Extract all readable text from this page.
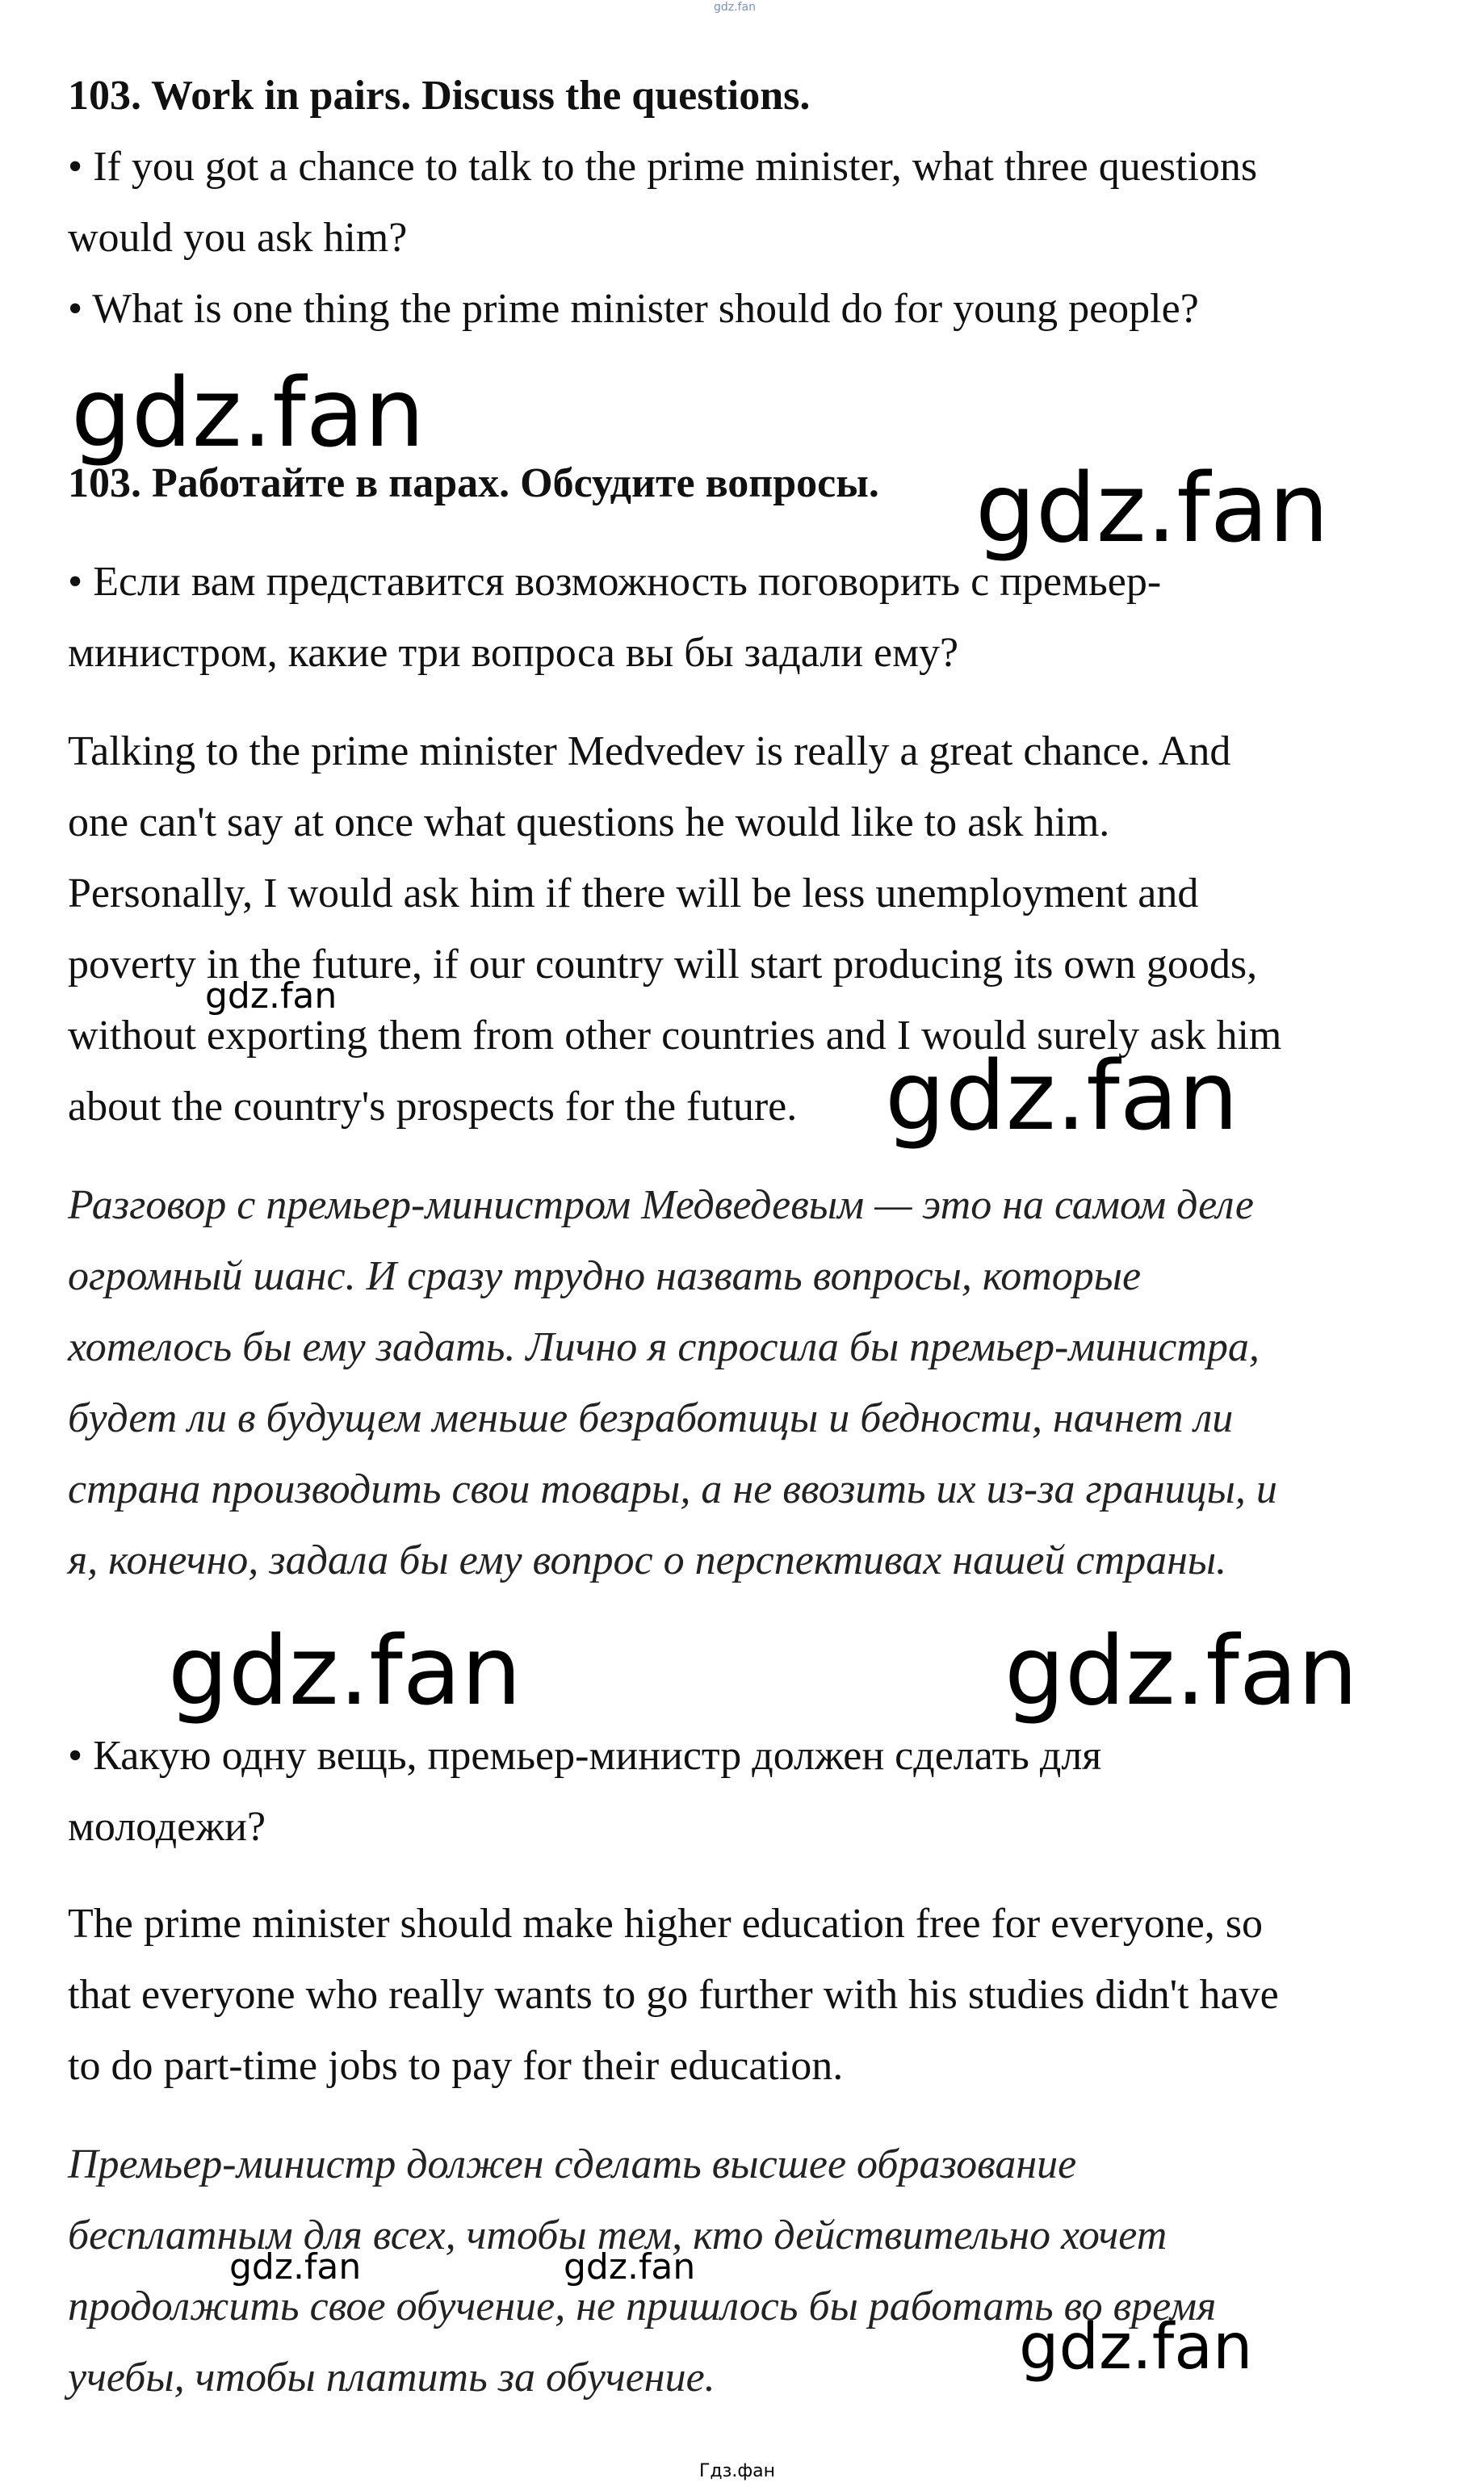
gdz.fan
103. Work in pairs. Discuss the questions.
• If you got a chance to talk to the prime minister, what three questions
would you ask him?
• What is one thing the prime minister should do for young people?
gdz.fan
103. Работайте в парах. Обсудите вопросы. gdz.fan
• Если вам представится возможность поговорить с премьер-
министром, какие три вопроса вы бы задали ему?
Talking to the prime minister Medvedev is really a great chance. And
one can't say at once what questions he would like to ask him.
Personally, I would ask him if there will be less unemployment and
poverty in the future, if our country will start producing its own goods,
gdz.fan
without exporting them from other countries and I would surely ask him
about the country's prospects for the future. gdz.fan
Разговор с премьер-министром Медведевым — это на самом деле
огромный шанс. И сразу трудно назвать вопросы, которые
хотелось бы ему задать. Лично я спросила бы премьер-министра,
будет ли в будущем меньше безработицы и бедности, начнет ли
страна производить свои товары, а не ввозить их из-за границы, и
я, конечно, задала бы ему вопрос о перспективах нашей страны.
gdz.fan	gdz.fan
• Какую одну вещь, премьер-министр должен сделать для
молодежи?
The prime minister should make higher education free for everyone, so
that everyone who really wants to go further with his studies didn't have
to do part-time jobs to pay for their education.
Премьер-министр должен сделать высшее образование
бесплатным для всех, чтобы тем, кто действительно хочет
gdz.fan	gdz.fan
продолжить свое обучение, не пришлось бы работать во время
gdz.fan
учебы, чтобы платить за обучение.
Гдз.фан
